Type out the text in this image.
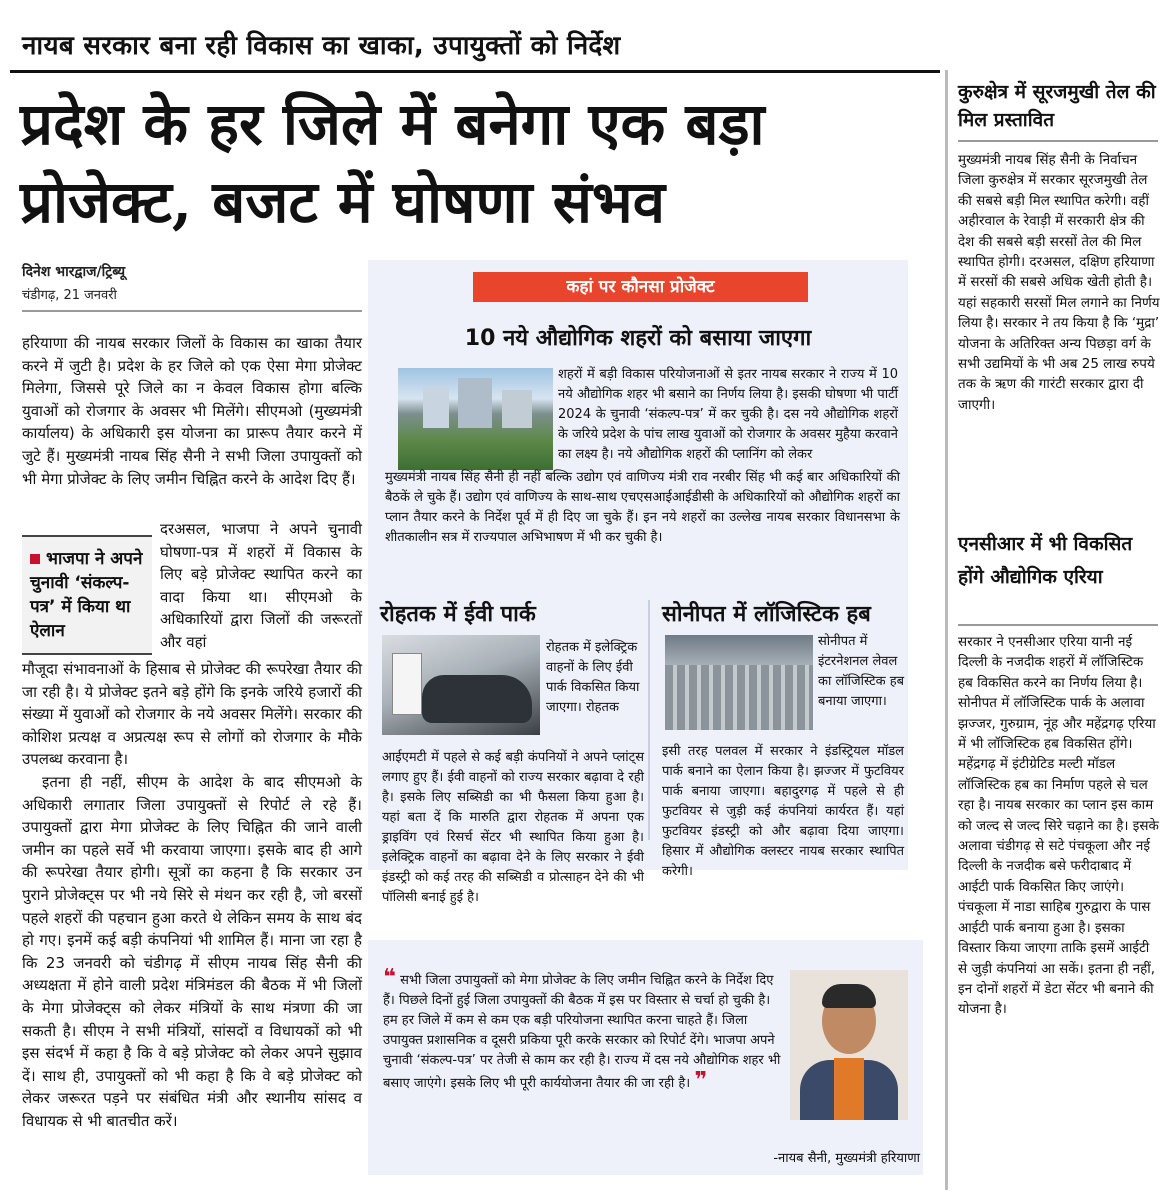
नायब सरकार बना रही विकास का खाका, उपायुक्तों को निर्देश
प्रदेश के हर जिले में बनेगा एक बड़ा
प्रोजेक्ट, बजट में घोषणा संभव
दिनेश भारद्वाज/ट्रिब्यू
चंडीगढ़, 21 जनवरी

हरियाणा की नायब सरकार जिलों के विकास का खाका तैयार करने में जुटी है। प्रदेश के हर जिले को एक ऐसा मेगा प्रोजेक्ट मिलेगा, जिससे पूरे जिले का न केवल विकास होगा बल्कि युवाओं को रोजगार के अवसर भी मिलेंगे। सीएमओ (मुख्यमंत्री कार्यालय) के अधिकारी इस योजना का प्रारूप तैयार करने में जुटे हैं। मुख्यमंत्री नायब सिंह सैनी ने सभी जिला उपायुक्तों को भी मेगा प्रोजेक्ट के लिए जमीन चिह्नित करने के आदेश दिए हैं।

भाजपा ने अपने चुनावी ‘संकल्प-पत्र’ में किया था ऐलान

दरअसल, भाजपा ने अपने चुनावी घोषणा-पत्र में शहरों में विकास के लिए बड़े प्रोजेक्ट स्थापित करने का वादा किया था। सीएमओ के अधिकारियों द्वारा जिलों की जरूरतों और वहां

मौजूदा संभावनाओं के हिसाब से प्रोजेक्ट की रूपरेखा तैयार की जा रही है। ये प्रोजेक्ट इतने बड़े होंगे कि इनके जरिये हजारों की संख्या में युवाओं को रोजगार के नये अवसर मिलेंगे। सरकार की कोशिश प्रत्यक्ष व अप्रत्यक्ष रूप से लोगों को रोजगार के मौके उपलब्ध करवाना है।

इतना ही नहीं, सीएम के आदेश के बाद सीएमओ के अधिकारी लगातार जिला उपायुक्तों से रिपोर्ट ले रहे हैं। उपायुक्तों द्वारा मेगा प्रोजेक्ट के लिए चिह्नित की जाने वाली जमीन का पहले सर्वे भी करवाया जाएगा। इसके बाद ही आगे की रूपरेखा तैयार होगी। सूत्रों का कहना है कि सरकार उन पुराने प्रोजेक्ट्स पर भी नये सिरे से मंथन कर रही है, जो बरसों पहले शहरों की पहचान हुआ करते थे लेकिन समय के साथ बंद हो गए। इनमें कई बड़ी कंपनियां भी शामिल हैं। माना जा रहा है कि 23 जनवरी को चंडीगढ़ में सीएम नायब सिंह सैनी की अध्यक्षता में होने वाली प्रदेश मंत्रिमंडल की बैठक में भी जिलों के मेगा प्रोजेक्ट्स को लेकर मंत्रियों के साथ मंत्रणा की जा सकती है। सीएम ने सभी मंत्रियों, सांसदों व विधायकों को भी इस संदर्भ में कहा है कि वे बड़े प्रोजेक्ट को लेकर अपने सुझाव दें। साथ ही, उपायुक्तों को भी कहा है कि वे बड़े प्रोजेक्ट को लेकर जरूरत पड़ने पर संबंधित मंत्री और स्थानीय सांसद व विधायक से भी बातचीत करें।

कहां पर कौनसा प्रोजेक्ट
10 नये औद्योगिक शहरों को बसाया जाएगा

शहरों में बड़ी विकास परियोजनाओं से इतर नायब सरकार ने राज्य में 10 नये औद्योगिक शहर भी बसाने का निर्णय लिया है। इसकी घोषणा भी पार्टी 2024 के चुनावी ‘संकल्प-पत्र’ में कर चुकी है। दस नये औद्योगिक शहरों के जरिये प्रदेश के पांच लाख युवाओं को रोजगार के अवसर मुहैया करवाने का लक्ष्य है। नये औद्योगिक शहरों की प्लानिंग को लेकर

मुख्यमंत्री नायब सिंह सैनी ही नहीं बल्कि उद्योग एवं वाणिज्य मंत्री राव नरबीर सिंह भी कई बार अधिकारियों की बैठकें ले चुके हैं। उद्योग एवं वाणिज्य के साथ-साथ एचएसआईआईडीसी के अधिकारियों को औद्योगिक शहरों का प्लान तैयार करने के निर्देश पूर्व में ही दिए जा चुके हैं। इन नये शहरों का उल्लेख नायब सरकार विधानसभा के शीतकालीन सत्र में राज्यपाल अभिभाषण में भी कर चुकी है।

रोहतक में ईवी पार्क

रोहतक में इलेक्ट्रिक वाहनों के लिए ईवी पार्क विकसित किया जाएगा। रोहतक

आईएमटी में पहले से कई बड़ी कंपनियों ने अपने प्लांट्स लगाए हुए हैं। ईवी वाहनों को राज्य सरकार बढ़ावा दे रही है। इसके लिए सब्सिडी का भी फैसला किया हुआ है। यहां बता दें कि मारुति द्वारा रोहतक में अपना एक ड्राइविंग एवं रिसर्च सेंटर भी स्थापित किया हुआ है। इलेक्ट्रिक वाहनों का बढ़ावा देने के लिए सरकार ने ईवी इंडस्ट्री को कई तरह की सब्सिडी व प्रोत्साहन देने की भी पॉलिसी बनाई हुई है।

सोनीपत में लॉजिस्टिक हब

सोनीपत में इंटरनेशनल लेवल का लॉजिस्टिक हब बनाया जाएगा।

इसी तरह पलवल में सरकार ने इंडस्ट्रियल मॉडल पार्क बनाने का ऐलान किया है। झज्जर में फुटवियर पार्क बनाया जाएगा। बहादुरगढ़ में पहले से ही फुटवियर से जुड़ी कई कंपनियां कार्यरत हैं। यहां फुटवियर इंडस्ट्री को और बढ़ावा दिया जाएगा। हिसार में औद्योगिक क्लस्टर नायब सरकार स्थापित करेगी।

❝ सभी जिला उपायुक्तों को मेगा प्रोजेक्ट के लिए जमीन चिह्नित करने के निर्देश दिए हैं। पिछले दिनों हुई जिला उपायुक्तों की बैठक में इस पर विस्तार से चर्चा हो चुकी है। हम हर जिले में कम से कम एक बड़ी परियोजना स्थापित करना चाहते हैं। जिला उपायुक्त प्रशासनिक व दूसरी प्रकिया पूरी करके सरकार को रिपोर्ट देंगे। भाजपा अपने चुनावी ‘संकल्प-पत्र’ पर तेजी से काम कर रही है। राज्य में दस नये औद्योगिक शहर भी बसाए जाएंगे। इसके लिए भी पूरी कार्ययोजना तैयार की जा रही है। ❞

-नायब सैनी, मुख्यमंत्री हरियाणा
कुरुक्षेत्र में सूरजमुखी तेल की मिल प्रस्तावित

मुख्यमंत्री नायब सिंह सैनी के निर्वाचन जिला कुरुक्षेत्र में सरकार सूरजमुखी तेल की सबसे बड़ी मिल स्थापित करेगी। वहीं अहीरवाल के रेवाड़ी में सरकारी क्षेत्र की देश की सबसे बड़ी सरसों तेल की मिल स्थापित होगी। दरअसल, दक्षिण हरियाणा में सरसों की सबसे अधिक खेती होती है। यहां सहकारी सरसों मिल लगाने का निर्णय लिया है। सरकार ने तय किया है कि ‘मुद्रा’ योजना के अतिरिक्त अन्य पिछड़ा वर्ग के सभी उद्यमियों के भी अब 25 लाख रुपये तक के ऋण की गारंटी सरकार द्वारा दी जाएगी।

एनसीआर में भी विकसित होंगे औद्योगिक एरिया

सरकार ने एनसीआर एरिया यानी नई दिल्ली के नजदीक शहरों में लॉजिस्टिक हब विकसित करने का निर्णय लिया है। सोनीपत में लॉजिस्टिक पार्क के अलावा झज्जर, गुरुग्राम, नूंह और महेंद्रगढ़ एरिया में भी लॉजिस्टिक हब विकसित होंगे। महेंद्रगढ़ में इंटीग्रेटिड मल्टी मॉडल लॉजिस्टिक हब का निर्माण पहले से चल रहा है। नायब सरकार का प्लान इस काम को जल्द से जल्द सिरे चढ़ाने का है। इसके अलावा चंडीगढ़ से सटे पंचकूला और नई दिल्ली के नजदीक बसे फरीदाबाद में आईटी पार्क विकसित किए जाएंगे। पंचकूला में नाडा साहिब गुरुद्वारा के पास आईटी पार्क बनाया हुआ है। इसका विस्तार किया जाएगा ताकि इसमें आईटी से जुड़ी कंपनियां आ सकें। इतना ही नहीं, इन दोनों शहरों में डेटा सेंटर भी बनाने की योजना है।
